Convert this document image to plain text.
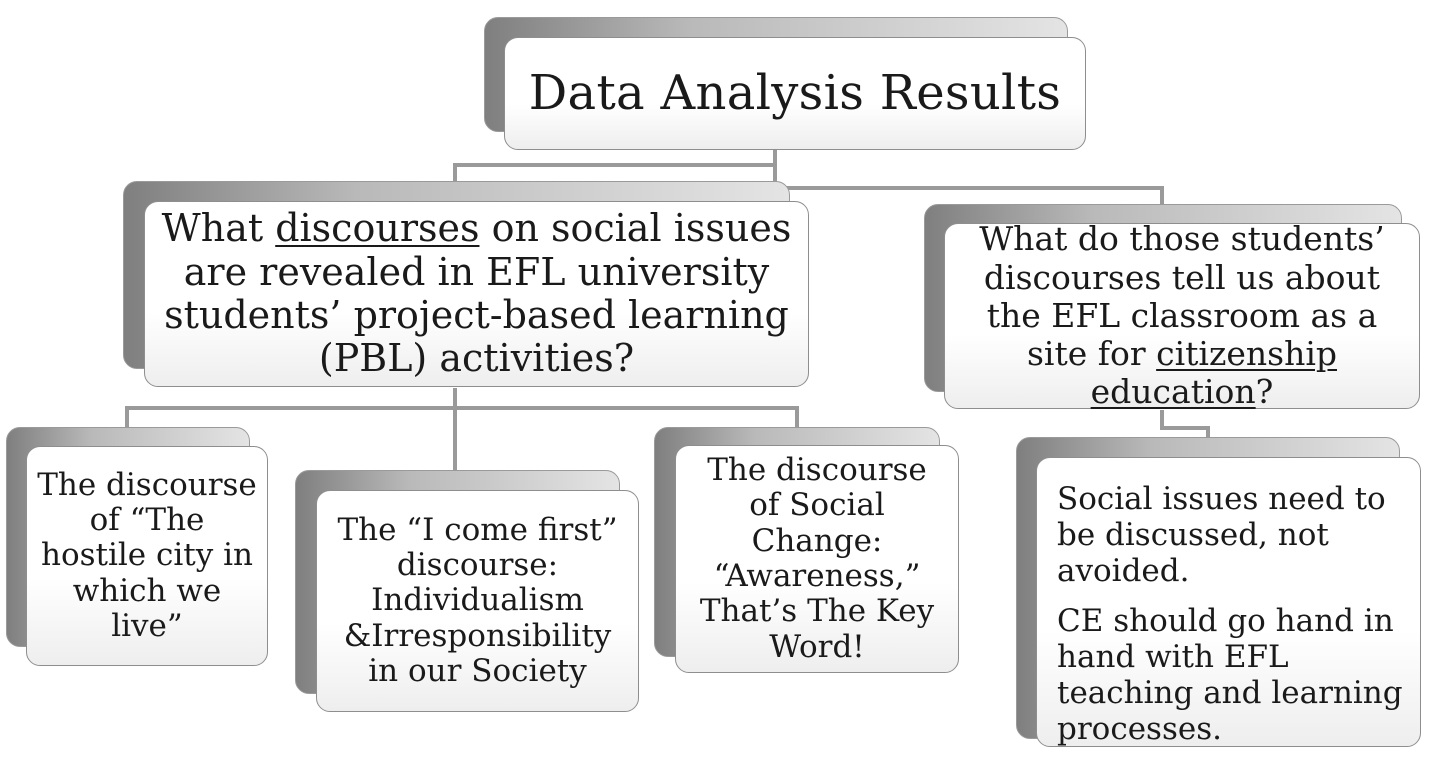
Data Analysis Results
What discourses on social issues are revealed in EFL university students’ project-based learning (PBL) activities?
What do those students’ discourses tell us about the EFL classroom as a site for citizenship education?
The discourse of “The hostile city in which we live”
The “I come first” discourse: Individualism &Irresponsibility in our Society
The discourse of Social Change: “Awareness,” That’s The Key Word!

Social issues need to be discussed, not avoided.

CE should go hand in hand with EFL teaching and learning processes.
